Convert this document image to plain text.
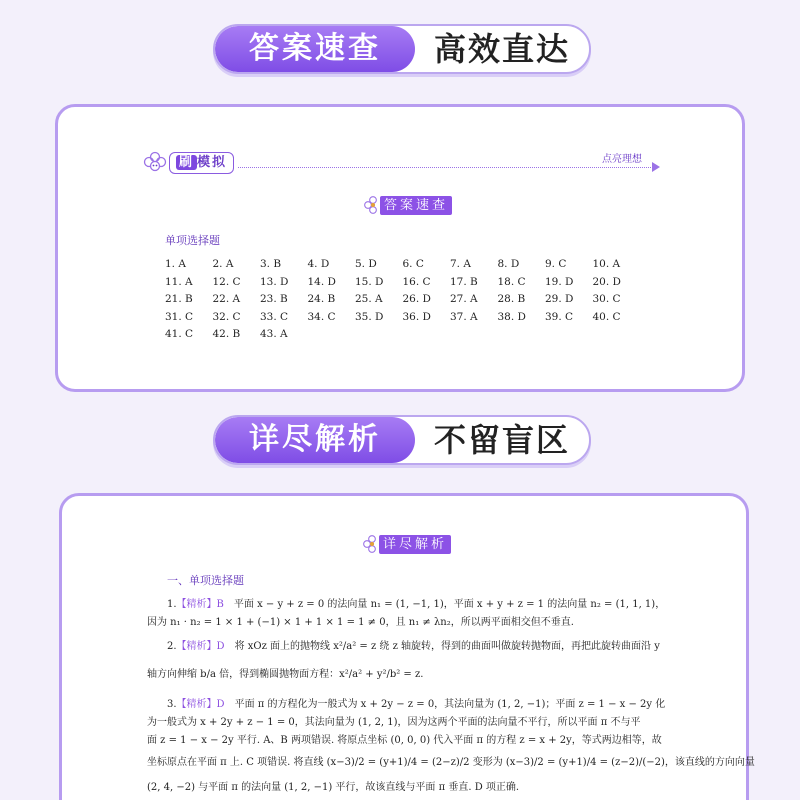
答案速查	高效直达
刷 模拟	点亮理想
答案速查
单项选择题
1. A	2. A	3. B	4. D	5. D	6. C	7. A	8. D	9. C	10. A
11. A	12. C	13. D	14. D	15. D	16. C	17. B	18. C	19. D	20. D
21. B	22. A	23. B	24. B	25. A	26. D	27. A	28. B	29. D	30. C
31. C	32. C	33. C	34. C	35. D	36. D	37. A	38. D	39. C	40. C
41. C	42. B	43. A
详尽解析	不留盲区
详尽解析
一、单项选择题
1.【精析】B　 平面 x − y + z = 0 的法向量 n₁ = (1, −1, 1)，平面 x + y + z = 1 的法向量 n₂ = (1, 1, 1)，
因为 n₁ · n₂ = 1 × 1 + (−1) × 1 + 1 × 1 = 1 ≠ 0，且 n₁ ≠ λn₂，所以两平面相交但不垂直.
2.【精析】D　 将 xOz 面上的抛物线 x²/a² = z 绕 z 轴旋转，得到的曲面叫做旋转抛物面，再把此旋转曲面沿 y
轴方向伸缩 b/a 倍，得到椭圆抛物面方程：x²/a² + y²/b² = z.
3.【精析】D　 平面 π 的方程化为一般式为 x + 2y − z = 0，其法向量为 (1, 2, −1)；平面 z = 1 − x − 2y 化
为一般式为 x + 2y + z − 1 = 0，其法向量为 (1, 2, 1)，因为这两个平面的法向量不平行，所以平面 π 不与平
面 z = 1 − x − 2y 平行. A、B 两项错误. 将原点坐标 (0, 0, 0) 代入平面 π 的方程 z = x + 2y，等式两边相等，故
坐标原点在平面 π 上. C 项错误. 将直线 (x−3)/2 = (y+1)/4 = (2−z)/2 变形为 (x−3)/2 = (y+1)/4 = (z−2)/(−2)，该直线的方向向量
(2, 4, −2) 与平面 π 的法向量 (1, 2, −1) 平行，故该直线与平面 π 垂直. D 项正确.
